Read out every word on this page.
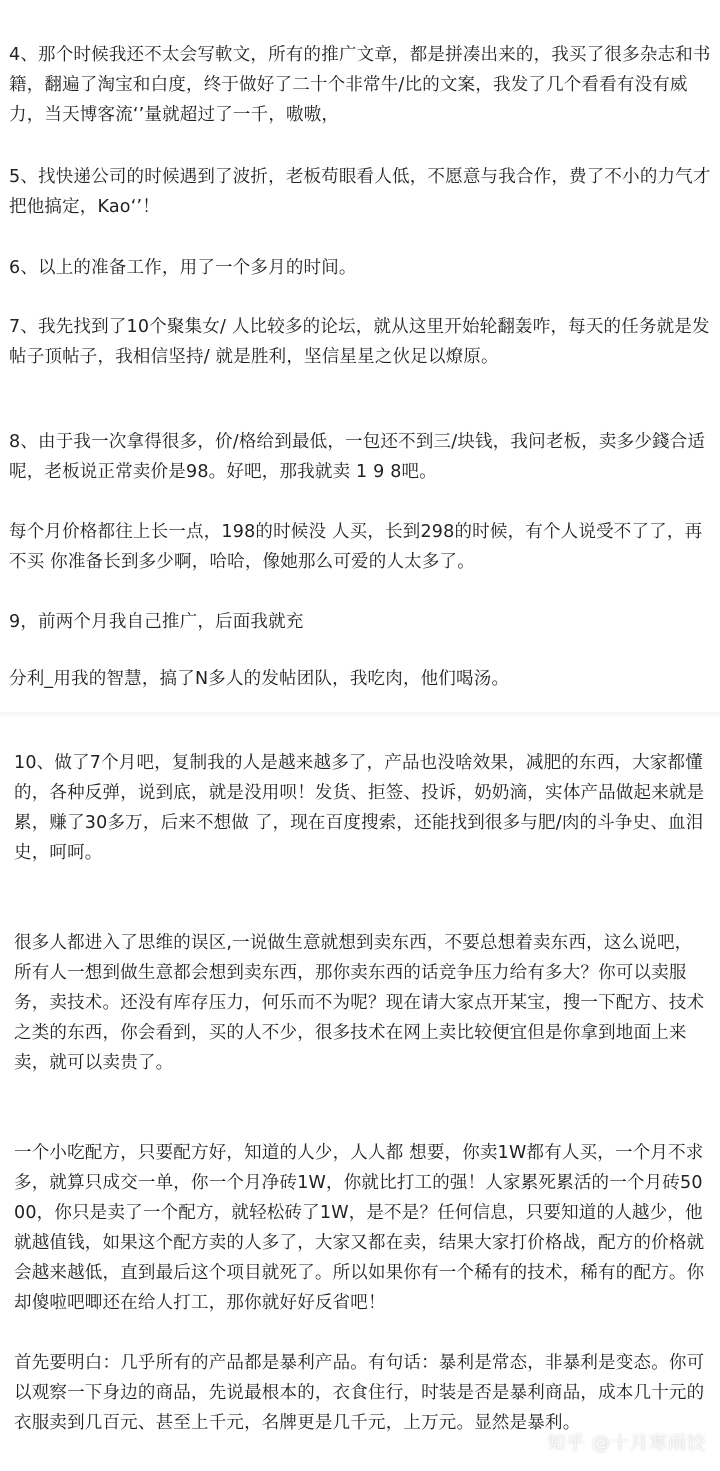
4、那个时候我还不太会写軟文，所有的推广文章，都是拼凑出来的，我买了很多杂志和书籍，翻遍了淘宝和白度，终于做好了二十个非常牛/比的文案，我发了几个看看有没有威力，当天博客流‘’量就超过了一千，嗷嗷，
5、找快递公司的时候遇到了波折，老板苟眼看人低，不愿意与我合作，费了不小的力气才把他搞定，Kao‘’！
6、以上的准备工作，用了一个多月的时间。
7、我先找到了10个聚集女/ 人比较多的论坛，就从这里开始轮翻轰咋，每天的任务就是发帖子顶帖子，我相信坚持/ 就是胜利，坚信星星之伙足以燎原。
8、由于我一次拿得很多，价/格给到最低，一包还不到三/块钱，我问老板，卖多少錢合适呢，老板说正常卖价是98。好吧，那我就卖 1 9 8吧。
每个月价格都往上长一点，198的时候没 人买，长到298的时候，有个人说受不了了，再不买 你准备长到多少啊，哈哈，像她那么可爱的人太多了。
9，前两个月我自己推广，后面我就充
分利_用我的智慧，搞了N多人的发帖团队，我吃肉，他们喝汤。
10、做了7个月吧，复制我的人是越来越多了，产品也没啥效果，减肥的东西，大家都懂的，各种反弹，说到底，就是没用呗！发货、拒签、投诉，奶奶滴，实体产品做起来就是累，赚了30多万，后来不想做 了，现在百度搜索，还能找到很多与肥/肉的斗争史、血泪史，呵呵。
很多人都进入了思维的误区,一说做生意就想到卖东西，不要总想着卖东西，这么说吧，所有人一想到做生意都会想到卖东西，那你卖东西的话竞争压力给有多大？你可以卖服务，卖技术。还没有库存压力，何乐而不为呢？现在请大家点开某宝，搜一下配方、技术之类的东西，你会看到，买的人不少，很多技术在网上卖比较便宜但是你拿到地面上来卖，就可以卖贵了。
一个小吃配方，只要配方好，知道的人少，人人都 想要，你卖1W都有人买，一个月不求多，就算只成交一单，你一个月净砖1W，你就比打工的强！人家累死累活的一个月砖5000，你只是卖了一个配方，就轻松砖了1W，是不是？任何信息，只要知道的人越少，他就越值钱，如果这个配方卖的人多了，大家又都在卖，结果大家打价格战，配方的价格就会越来越低，直到最后这个项目就死了。所以如果你有一个稀有的技术，稀有的配方。你却傻啦吧唧还在给人打工，那你就好好反省吧！
首先要明白：几乎所有的产品都是暴利产品。有句话：暴利是常态，非暴利是变态。你可以观察一下身边的商品，先说最根本的，衣食住行，时装是否是暴利商品，成本几十元的衣服卖到几百元、甚至上千元，名牌更是几千元，上万元。显然是暴利。
知乎 @十月寒雨饺
